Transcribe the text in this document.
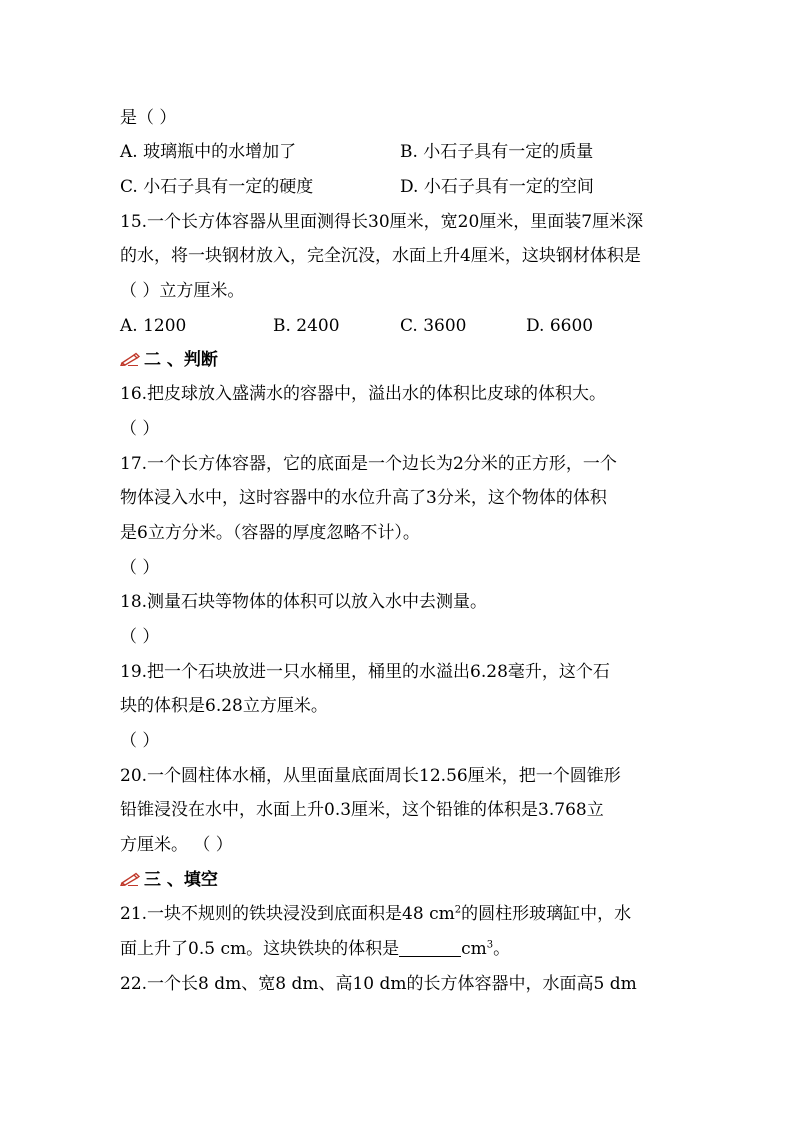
是（ ）
A. 玻璃瓶中的水增加了	B. 小石子具有一定的质量
C. 小石子具有一定的硬度	D. 小石子具有一定的空间
15.一个长方体容器从里面测得长30厘米，宽20厘米，里面装7厘米深
的水，将一块钢材放入，完全沉没，水面上升4厘米，这块钢材体积是
（ ）立方厘米。
A. 1200	B. 2400	C. 3600	D. 6600
二 、判断
16.把皮球放入盛满水的容器中，溢出水的体积比皮球的体积大。
（ ）
17.一个长方体容器，它的底面是一个边长为2分米的正方形，一个
物体浸入水中，这时容器中的水位升高了3分米，这个物体的体积
是6立方分米。（容器的厚度忽略不计）。
（ ）
18.测量石块等物体的体积可以放入水中去测量。
（ ）
19.把一个石块放进一只水桶里，桶里的水溢出6.28毫升，这个石
块的体积是6.28立方厘米。
（ ）
20.一个圆柱体水桶，从里面量底面周长12.56厘米，把一个圆锥形
铅锥浸没在水中，水面上升0.3厘米，这个铅锥的体积是3.768立
方厘米。 （ ）
三 、填空
21.一块不规则的铁块浸没到底面积是48 $cm^2$的圆柱形玻璃缸中，水
面上升了0.5 cm。这块铁块的体积是	$cm^3$。
22.一个长8 dm、宽8 dm、高10 dm的长方体容器中，水面高5 dm
